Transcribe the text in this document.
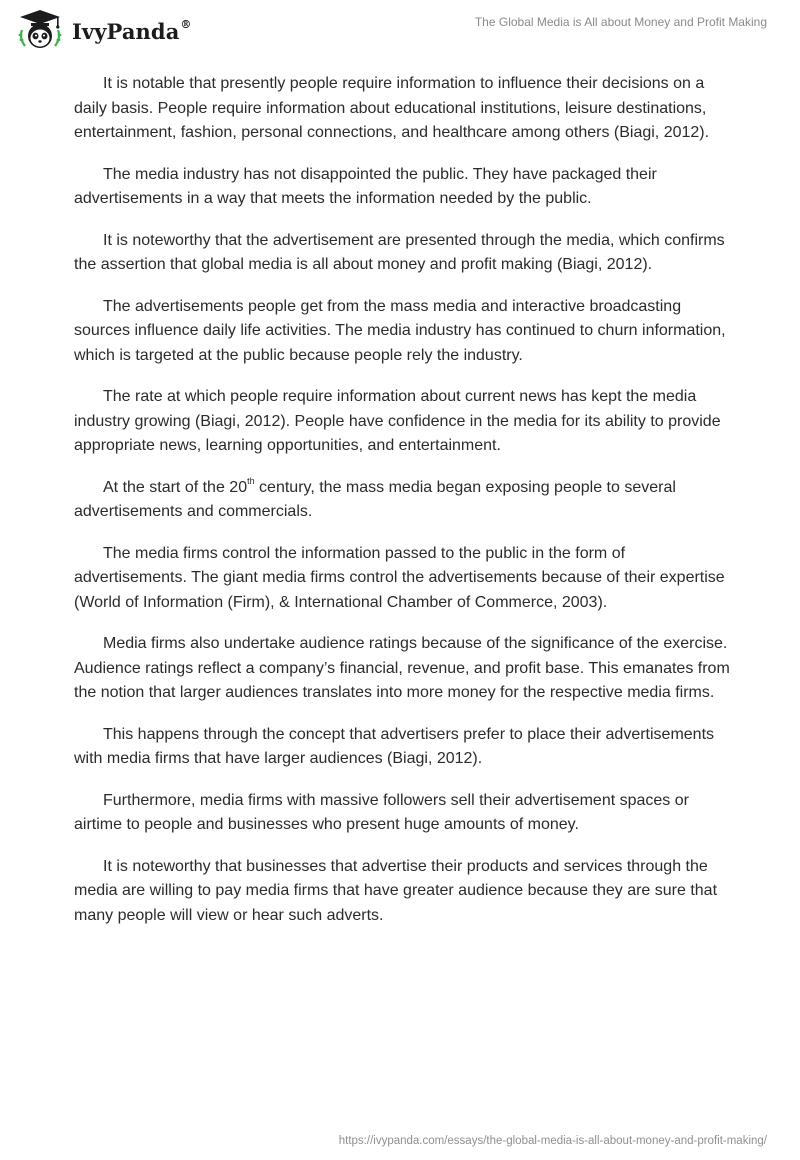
IvyPanda®	The Global Media is All about Money and Profit Making

It is notable that presently people require information to influence their decisions on a daily basis. People require information about educational institutions, leisure destinations, entertainment, fashion, personal connections, and healthcare among others (Biagi, 2012).

The media industry has not disappointed the public. They have packaged their advertisements in a way that meets the information needed by the public.

It is noteworthy that the advertisement are presented through the media, which confirms the assertion that global media is all about money and profit making (Biagi, 2012).

The advertisements people get from the mass media and interactive broadcasting sources influence daily life activities. The media industry has continued to churn information, which is targeted at the public because people rely the industry.

The rate at which people require information about current news has kept the media industry growing (Biagi, 2012). People have confidence in the media for its ability to provide appropriate news, learning opportunities, and entertainment.

At the start of the 20th century, the mass media began exposing people to several advertisements and commercials.

The media firms control the information passed to the public in the form of advertisements. The giant media firms control the advertisements because of their expertise (World of Information (Firm), & International Chamber of Commerce, 2003).

Media firms also undertake audience ratings because of the significance of the exercise. Audience ratings reflect a company’s financial, revenue, and profit base. This emanates from the notion that larger audiences translates into more money for the respective media firms.

This happens through the concept that advertisers prefer to place their advertisements with media firms that have larger audiences (Biagi, 2012).

Furthermore, media firms with massive followers sell their advertisement spaces or airtime to people and businesses who present huge amounts of money.

It is noteworthy that businesses that advertise their products and services through the media are willing to pay media firms that have greater audience because they are sure that many people will view or hear such adverts.

https://ivypanda.com/essays/the-global-media-is-all-about-money-and-profit-making/
